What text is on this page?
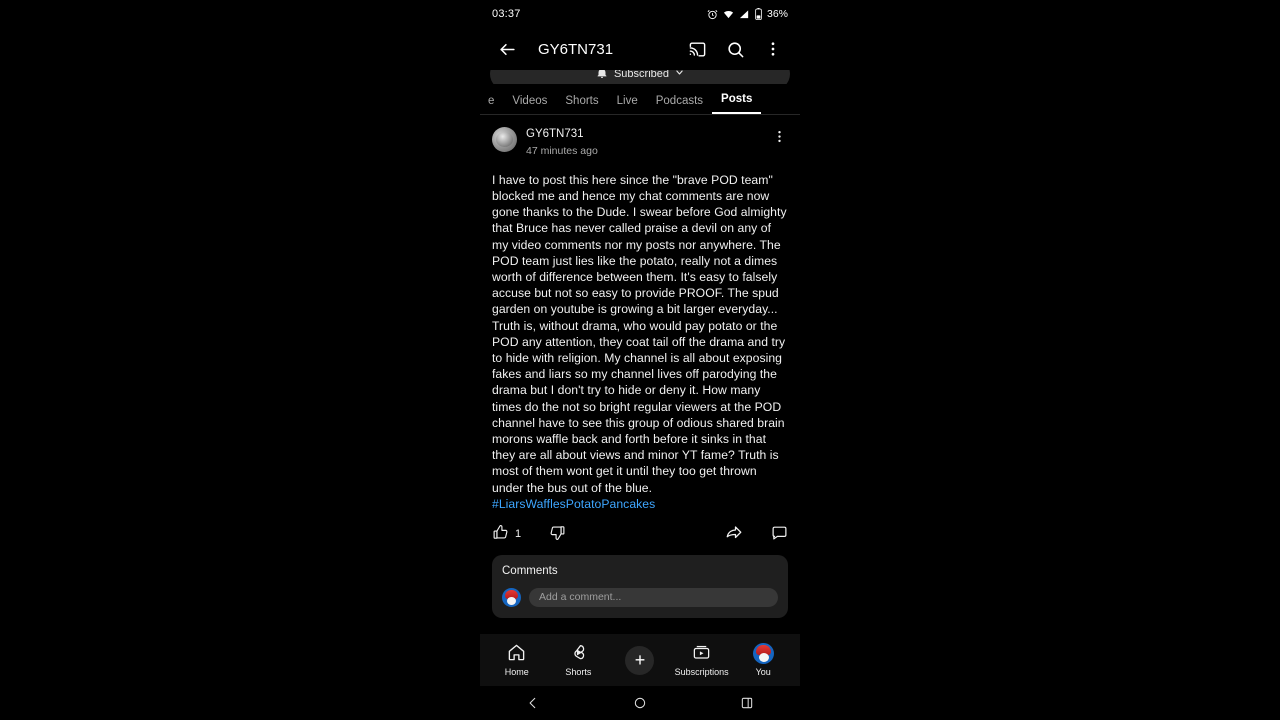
03:37	36%
GY6TN731
Subscribed
e	Videos	Shorts	Live	Podcasts	Posts
GY6TN731
47 minutes ago
I have to post this here since the "brave POD team" blocked me and hence my chat comments are now gone thanks to the Dude. I swear before God almighty that Bruce has never called praise a devil on any of my video comments nor my posts nor anywhere. The POD team just lies like the potato, really not a dimes worth of difference between them. It's easy to falsely accuse but not so easy to provide PROOF. The spud garden on youtube is growing a bit larger everyday... Truth is, without drama, who would pay potato or the POD any attention, they coat tail off the drama and try to hide with religion. My channel is all about exposing fakes and liars so my channel lives off parodying the drama but I don't try to hide or deny it. How many times do the not so bright regular viewers at the POD channel have to see this group of odious shared brain morons waffle back and forth before it sinks in that they are all about views and minor YT fame? Truth is most of them wont get it until they too get thrown under the bus out of the blue. #LiarsWafflesPotatoPancakes
1
Comments
Add a comment...
Home	Shorts
+
Subscriptions	You
